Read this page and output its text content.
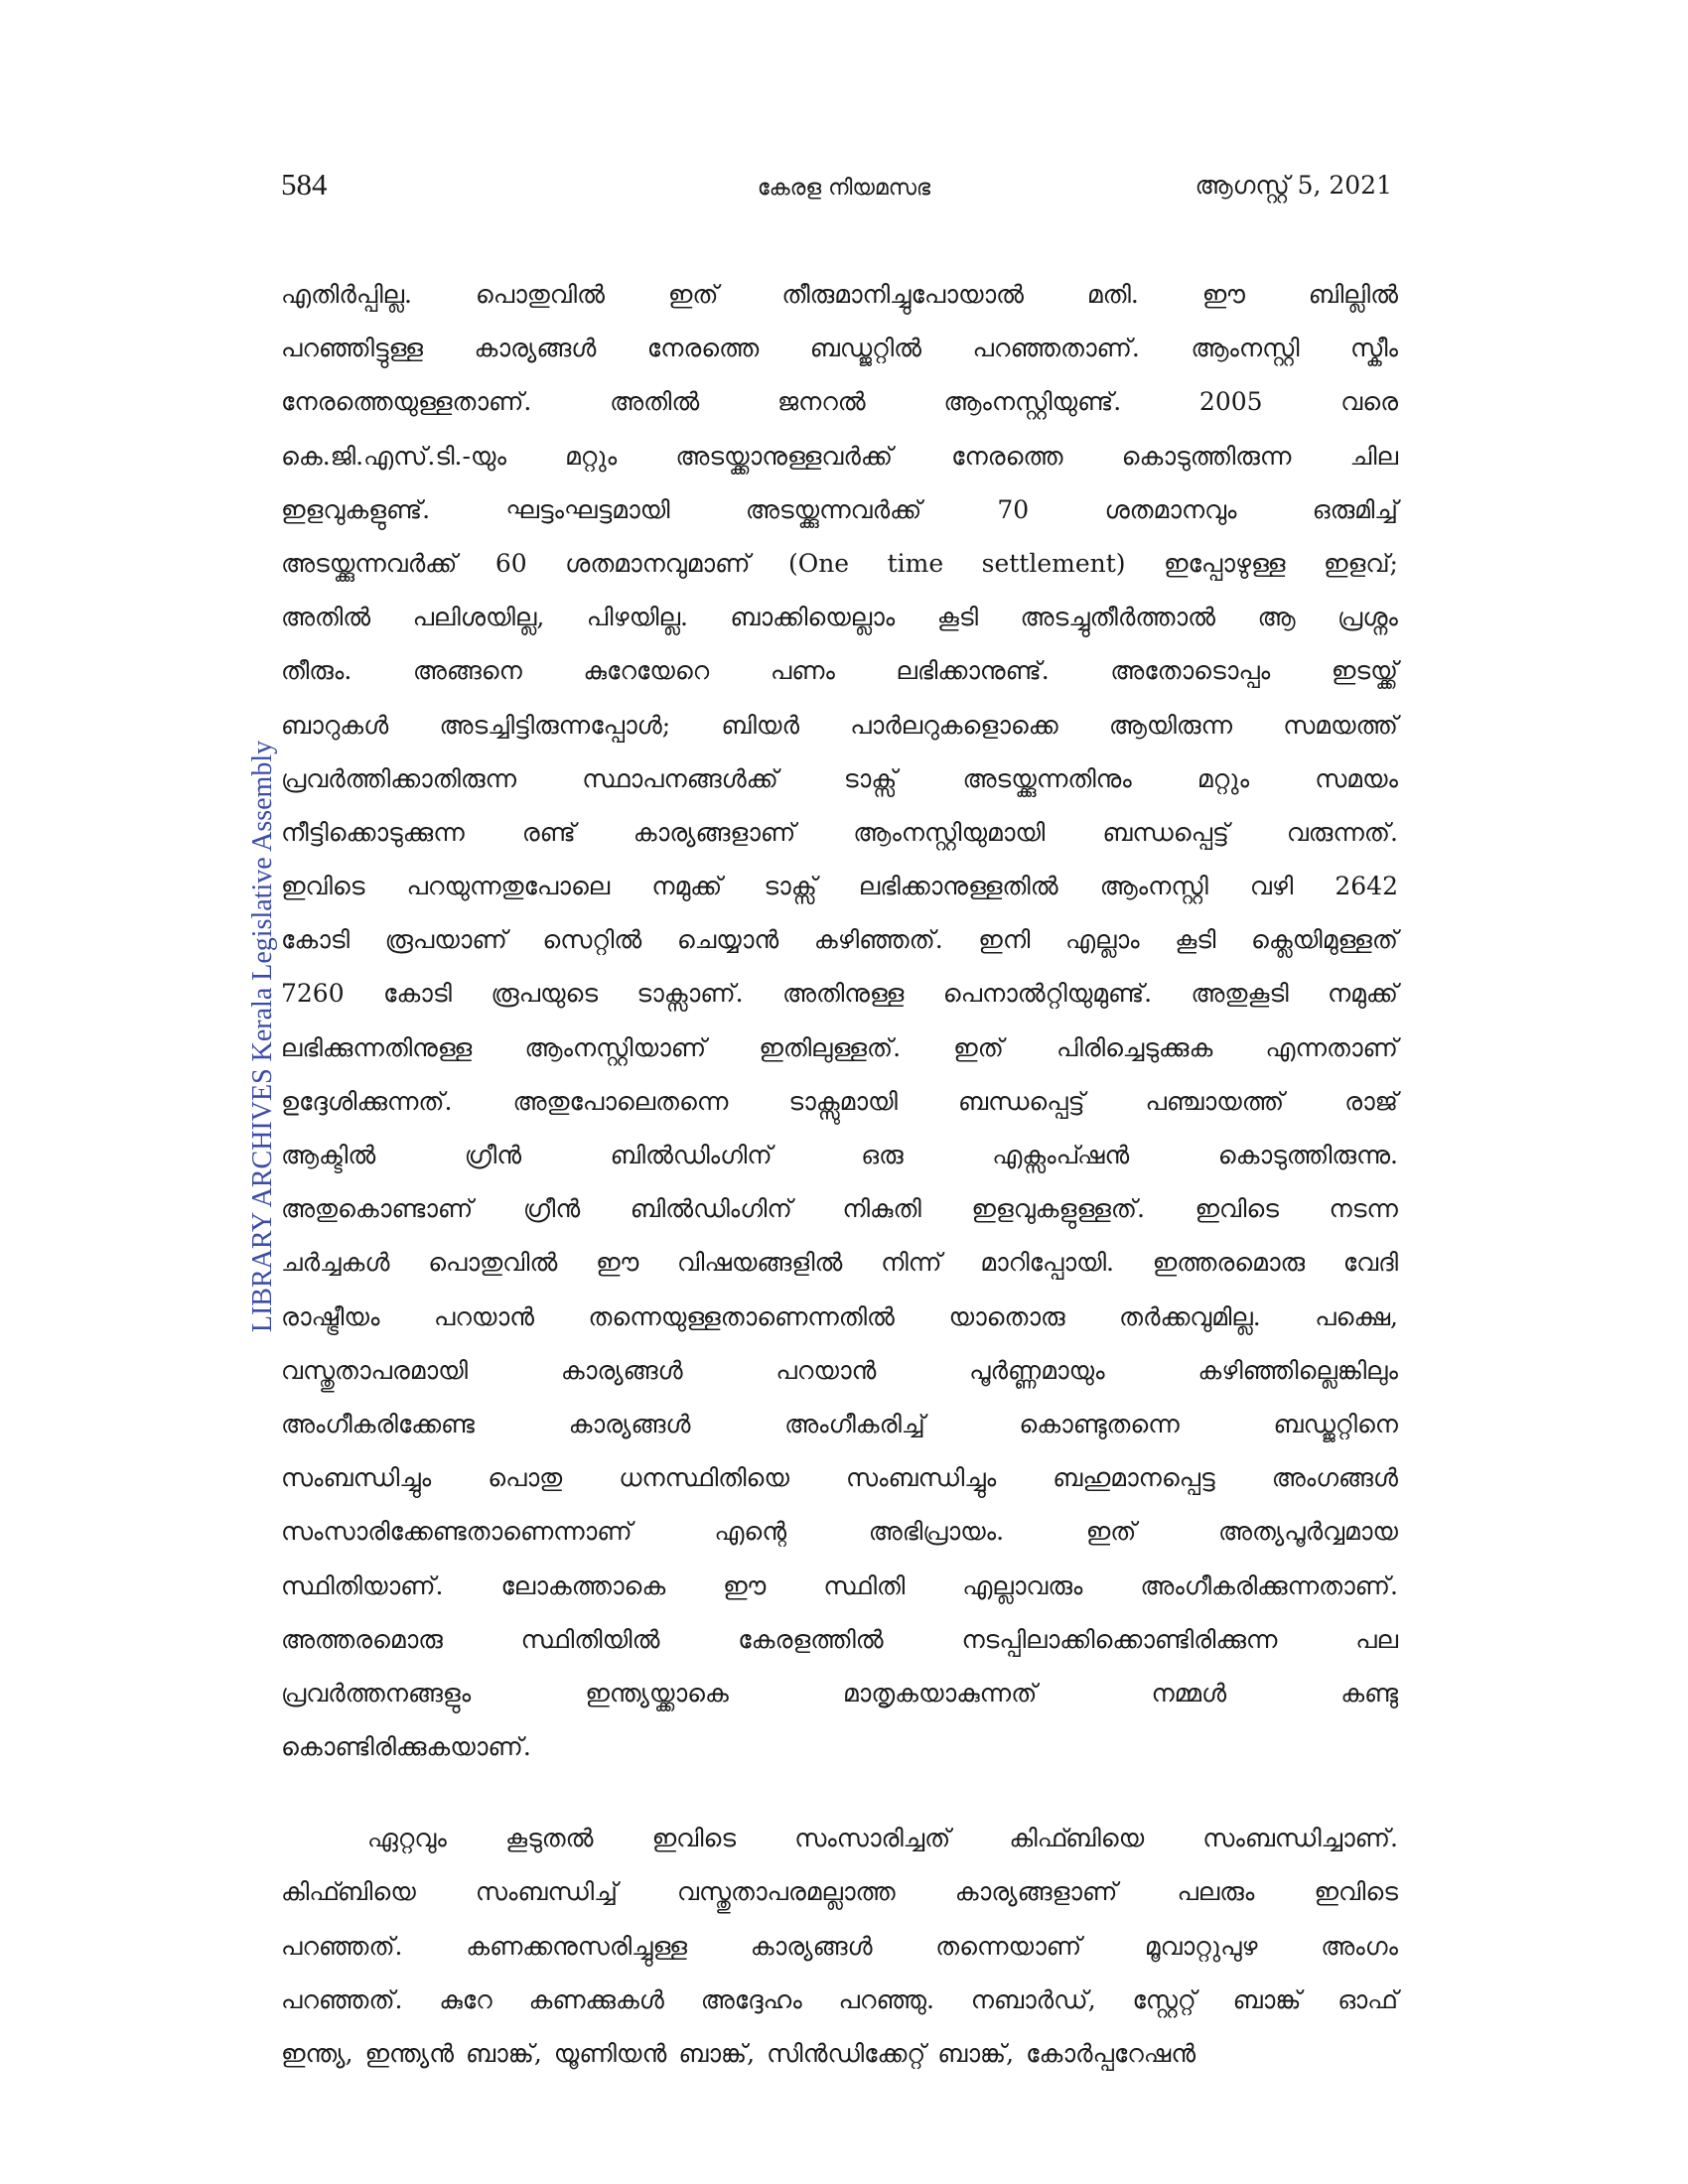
584	കേരള നിയമസഭ	ആഗസ്റ്റ് 5, 2021
LIBRARY ARCHIVES Kerala Legislative Assembly
എതിർപ്പില്ല.	പൊതുവിൽ	ഇത്	തീരുമാനിച്ചുപോയാൽ	മതി.	ഈ	ബില്ലിൽ
പറഞ്ഞിട്ടുള്ള കാര്യങ്ങൾ നേരത്തെ ബഡ്ജറ്റിൽ പറഞ്ഞതാണ്. ആംനസ്റ്റി സ്കീം
നേരത്തെയുള്ളതാണ്.	അതിൽ	ജനറൽ	ആംനസ്റ്റിയുണ്ട്.	2005	വരെ
കെ.ജി.എസ്.ടി.-യും മറ്റും അടയ്ക്കാനുള്ളവർക്ക് നേരത്തെ കൊടുത്തിരുന്ന ചില
ഇളവുകളുണ്ട്.	ഘട്ടംഘട്ടമായി	അടയ്ക്കുന്നവർക്ക്	70	ശതമാനവും	ഒരുമിച്ച്
അടയ്ക്കുന്നവർക്ക് 60 ശതമാനവുമാണ് (One time settlement) ഇപ്പോഴുള്ള ഇളവ്;
അതിൽ പലിശയില്ല, പിഴയില്ല. ബാക്കിയെല്ലാം കൂടി അടച്ചുതീർത്താൽ ആ പ്രശ്നം
തീരും. അങ്ങനെ കുറേയേറെ പണം ലഭിക്കാനുണ്ട്. അതോടൊപ്പം ഇടയ്ക്ക്
ബാറുകൾ അടച്ചിട്ടിരുന്നപ്പോൾ; ബിയർ പാർലറുകളൊക്കെ ആയിരുന്ന സമയത്ത്
പ്രവർത്തിക്കാതിരുന്ന	സ്ഥാപനങ്ങൾക്ക്	ടാക്സ്	അടയ്ക്കുന്നതിനും	മറ്റും	സമയം
നീട്ടിക്കൊടുക്കുന്ന രണ്ട് കാര്യങ്ങളാണ് ആംനസ്റ്റിയുമായി ബന്ധപ്പെട്ട് വരുന്നത്.
ഇവിടെ പറയുന്നതുപോലെ നമുക്ക് ടാക്സ് ലഭിക്കാനുള്ളതിൽ ആംനസ്റ്റി വഴി 2642
കോടി രൂപയാണ് സെറ്റിൽ ചെയ്യാൻ കഴിഞ്ഞത്. ഇനി എല്ലാം കൂടി ക്ലെയിമുള്ളത്
7260 കോടി രൂപയുടെ ടാക്സാണ്. അതിനുള്ള പെനാൽറ്റിയുമുണ്ട്. അതുകൂടി നമുക്ക്
ലഭിക്കുന്നതിനുള്ള ആംനസ്റ്റിയാണ് ഇതിലുള്ളത്. ഇത് പിരിച്ചെടുക്കുക എന്നതാണ്
ഉദ്ദേശിക്കുന്നത്. അതുപോലെതന്നെ ടാക്സുമായി ബന്ധപ്പെട്ട് പഞ്ചായത്ത് രാജ്
ആക്ടിൽ	ഗ്രീൻ	ബിൽഡിംഗിന്	ഒരു	എക്സംപ്ഷൻ	കൊടുത്തിരുന്നു.
അതുകൊണ്ടാണ് ഗ്രീൻ ബിൽഡിംഗിന് നികുതി ഇളവുകളുള്ളത്. ഇവിടെ നടന്ന
ചർച്ചകൾ പൊതുവിൽ ഈ വിഷയങ്ങളിൽ നിന്ന് മാറിപ്പോയി. ഇത്തരമൊരു വേദി
രാഷ്ട്രീയം പറയാൻ തന്നെയുള്ളതാണെന്നതിൽ യാതൊരു തർക്കവുമില്ല. പക്ഷെ,
വസ്തുതാപരമായി	കാര്യങ്ങൾ	പറയാൻ	പൂർണ്ണമായും	കഴിഞ്ഞില്ലെങ്കിലും
അംഗീകരിക്കേണ്ട	കാര്യങ്ങൾ	അംഗീകരിച്ച്	കൊണ്ടുതന്നെ	ബഡ്ജറ്റിനെ
സംബന്ധിച്ചും പൊതു ധനസ്ഥിതിയെ സംബന്ധിച്ചും ബഹുമാനപ്പെട്ട അംഗങ്ങൾ
സംസാരിക്കേണ്ടതാണെന്നാണ്	എന്റെ	അഭിപ്രായം.	ഇത്	അത്യപൂർവ്വമായ
സ്ഥിതിയാണ്. ലോകത്താകെ ഈ സ്ഥിതി എല്ലാവരും അംഗീകരിക്കുന്നതാണ്.
അത്തരമൊരു	സ്ഥിതിയിൽ	കേരളത്തിൽ	നടപ്പിലാക്കിക്കൊണ്ടിരിക്കുന്ന	പല
പ്രവർത്തനങ്ങളും	ഇന്ത്യയ്ക്കാകെ	മാതൃകയാകുന്നത്	നമ്മൾ	കണ്ടു
കൊണ്ടിരിക്കുകയാണ്.
ഏറ്റവും കൂടുതൽ ഇവിടെ സംസാരിച്ചത് കിഫ്ബിയെ സംബന്ധിച്ചാണ്.
കിഫ്ബിയെ സംബന്ധിച്ച് വസ്തുതാപരമല്ലാത്ത കാര്യങ്ങളാണ് പലരും ഇവിടെ
പറഞ്ഞത്.	കണക്കനുസരിച്ചുള്ള	കാര്യങ്ങൾ	തന്നെയാണ്	മൂവാറ്റുപുഴ	അംഗം
പറഞ്ഞത്. കുറേ കണക്കുകൾ അദ്ദേഹം പറഞ്ഞു. നബാർഡ്, സ്റ്റേറ്റ് ബാങ്ക് ഓഫ്
ഇന്ത്യ, ഇന്ത്യൻ ബാങ്ക്, യൂണിയൻ ബാങ്ക്, സിൻഡിക്കേറ്റ് ബാങ്ക്, കോർപ്പറേഷൻ
